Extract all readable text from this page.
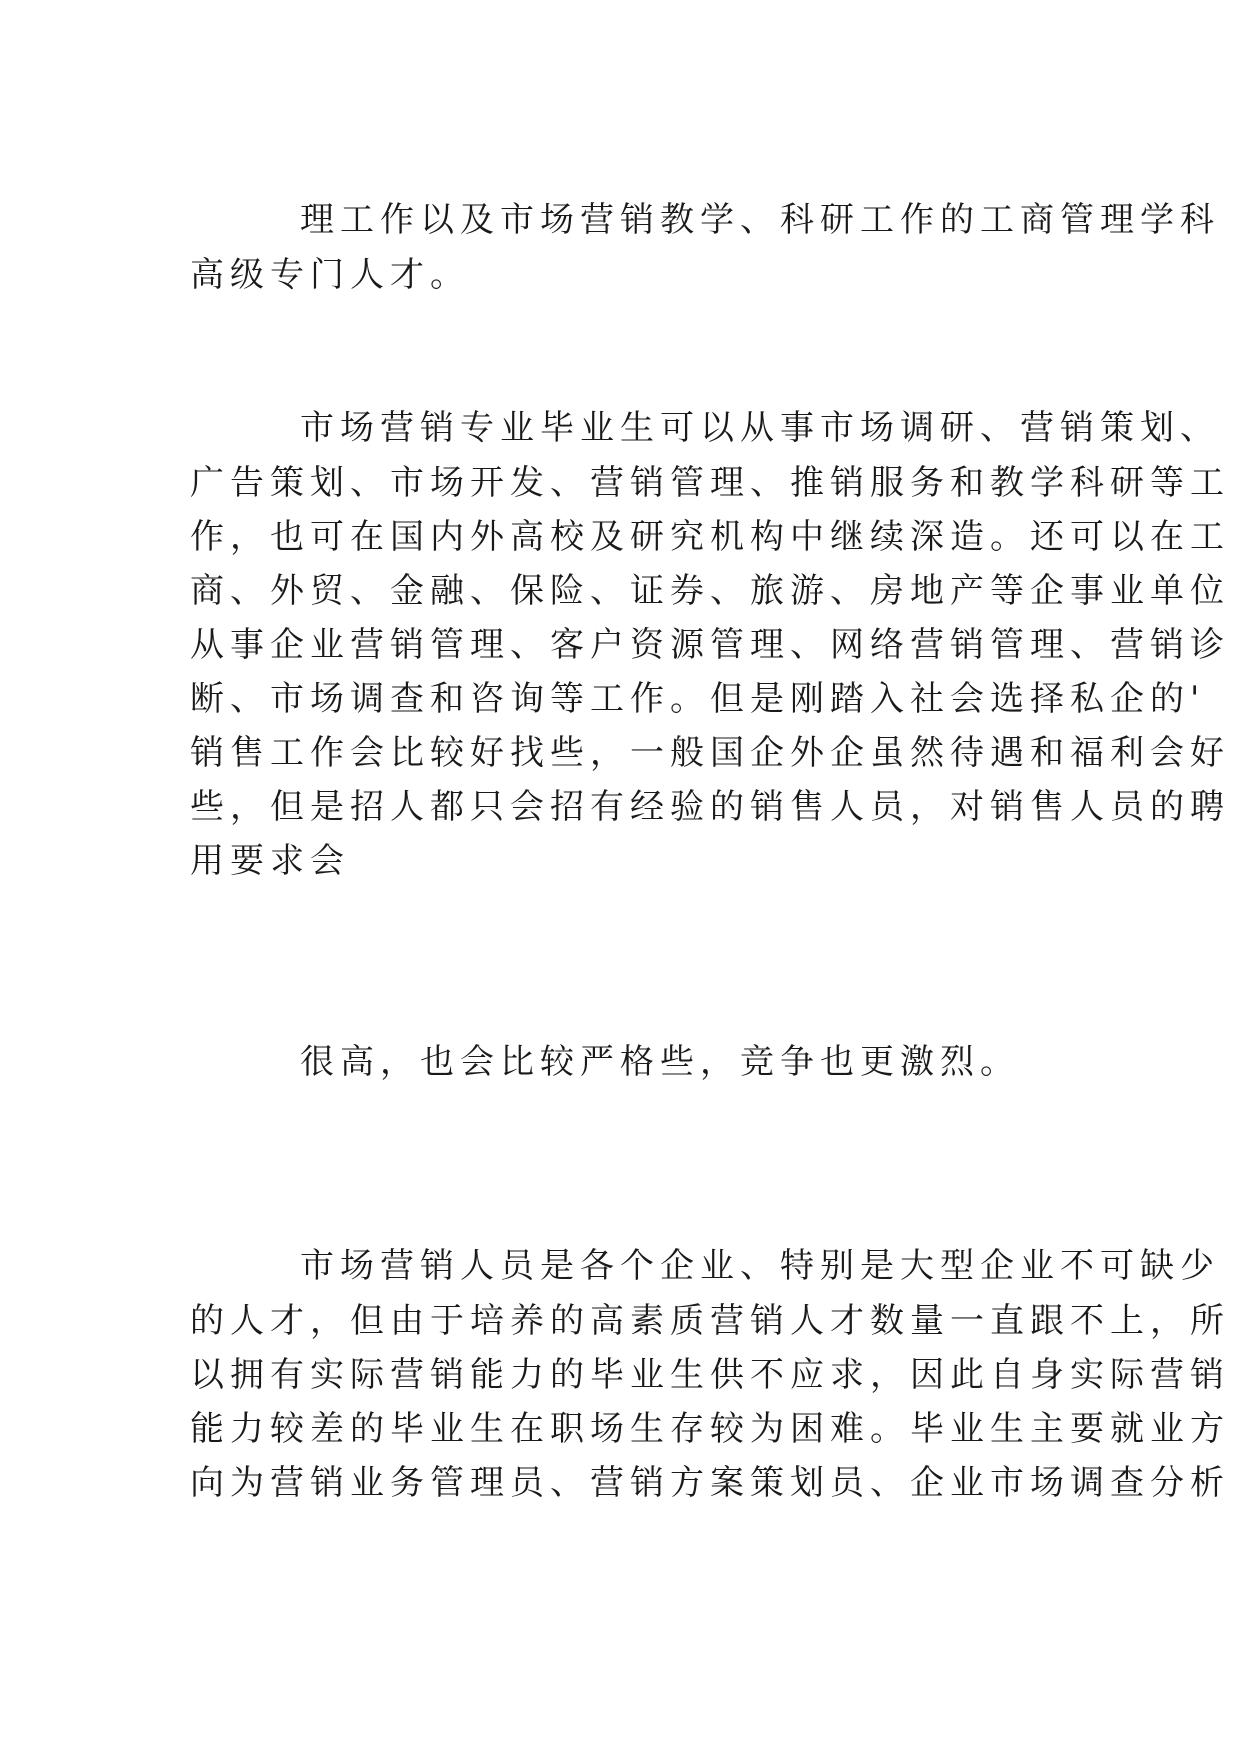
理工作以及市场营销教学、科研工作的工商管理学科
高级专门人才。
市场营销专业毕业生可以从事市场调研、营销策划、
广告策划、市场开发、营销管理、推销服务和教学科研等工
作，也可在国内外高校及研究机构中继续深造。还可以在工
商、外贸、金融、保险、证券、旅游、房地产等企事业单位
从事企业营销管理、客户资源管理、网络营销管理、营销诊
断、市场调查和咨询等工作。但是刚踏入社会选择私企的'
销售工作会比较好找些，一般国企外企虽然待遇和福利会好
些，但是招人都只会招有经验的销售人员，对销售人员的聘
用要求会
很高，也会比较严格些，竞争也更激烈。
市场营销人员是各个企业、特别是大型企业不可缺少
的人才，但由于培养的高素质营销人才数量一直跟不上，所
以拥有实际营销能力的毕业生供不应求，因此自身实际营销
能力较差的毕业生在职场生存较为困难。毕业生主要就业方
向为营销业务管理员、营销方案策划员、企业市场调查分析
